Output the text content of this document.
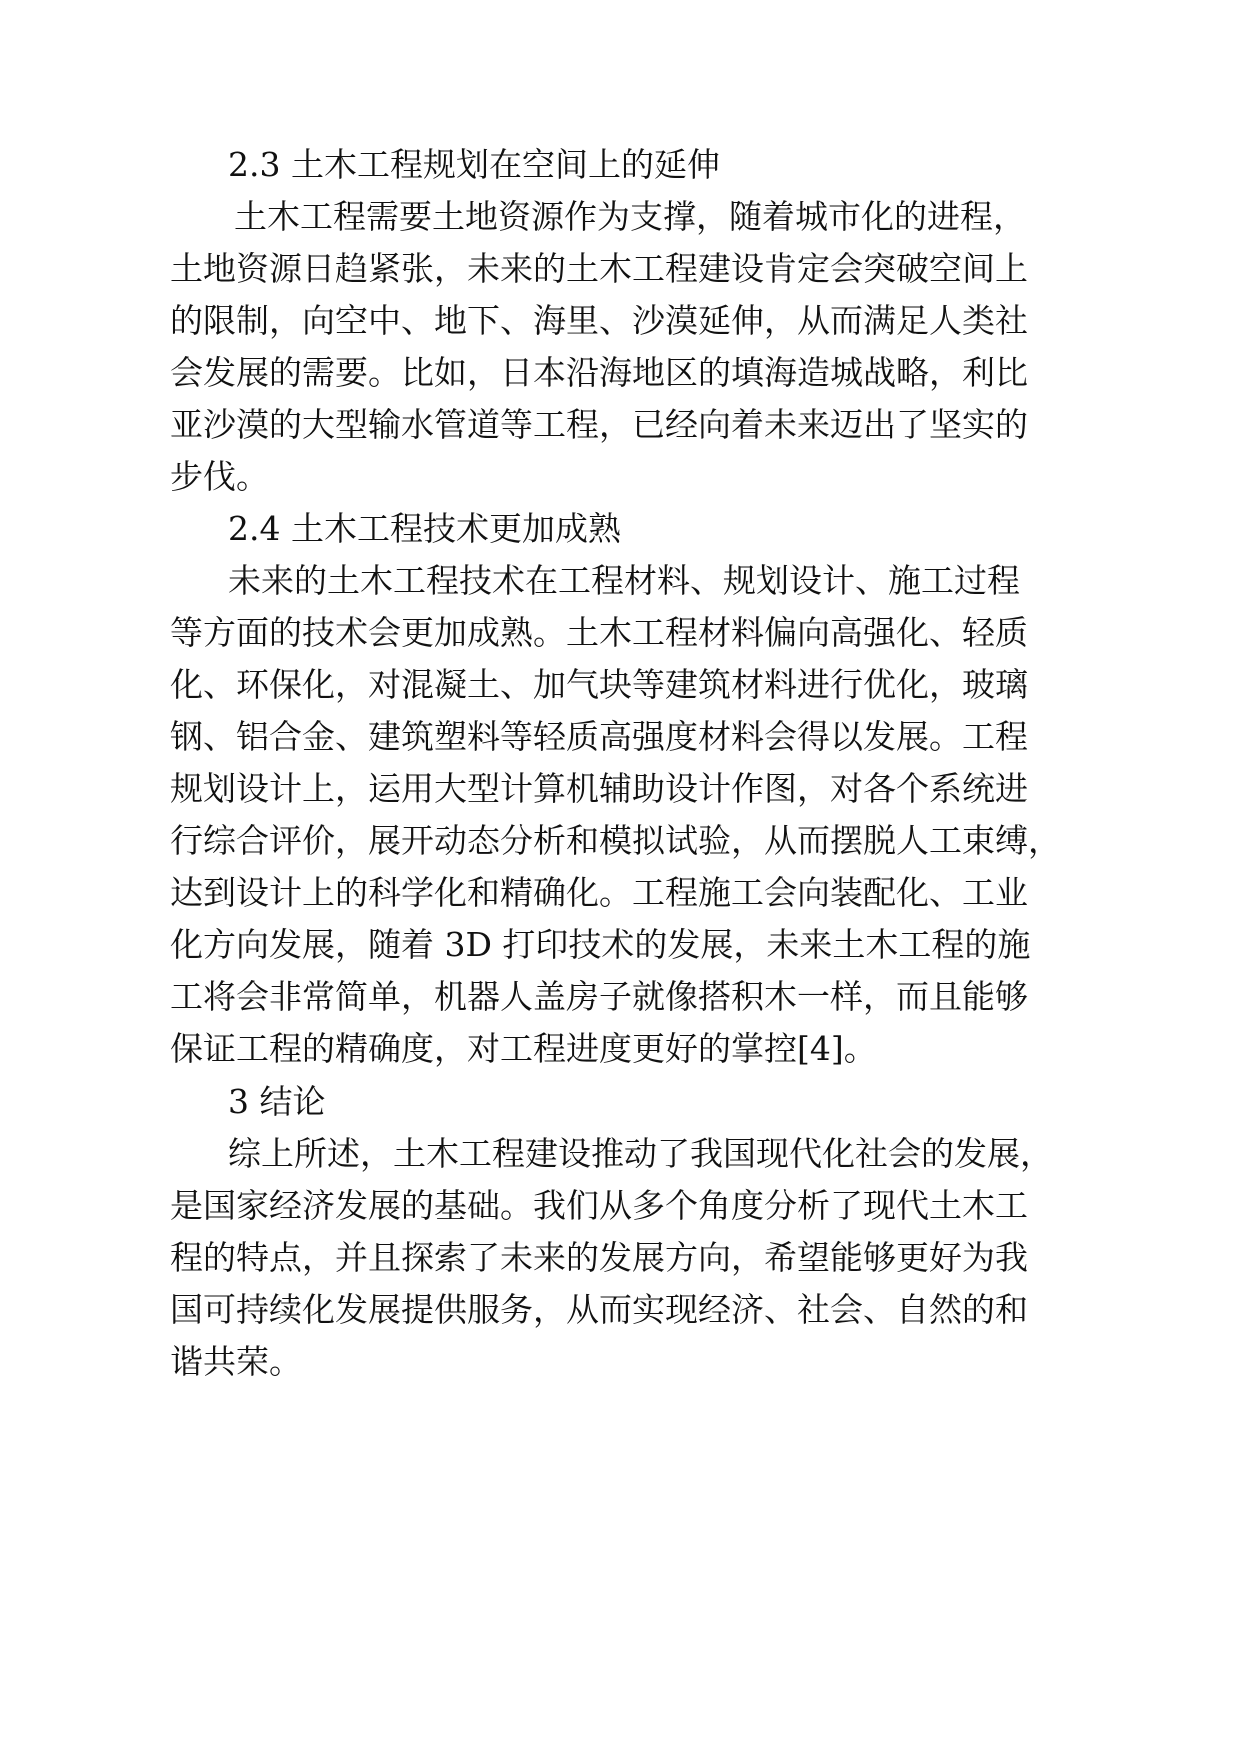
2.3 土木工程规划在空间上的延伸
土木工程需要土地资源作为支撑，随着城市化的进程，
土地资源日趋紧张，未来的土木工程建设肯定会突破空间上
的限制，向空中、地下、海里、沙漠延伸，从而满足人类社
会发展的需要。比如，日本沿海地区的填海造城战略，利比
亚沙漠的大型输水管道等工程，已经向着未来迈出了坚实的
步伐。
2.4 土木工程技术更加成熟
未来的土木工程技术在工程材料、规划设计、施工过程
等方面的技术会更加成熟。土木工程材料偏向高强化、轻质
化、环保化，对混凝土、加气块等建筑材料进行优化，玻璃
钢、铝合金、建筑塑料等轻质高强度材料会得以发展。工程
规划设计上，运用大型计算机辅助设计作图，对各个系统进
行综合评价，展开动态分析和模拟试验，从而摆脱人工束缚，
达到设计上的科学化和精确化。工程施工会向装配化、工业
化方向发展，随着 3D 打印技术的发展，未来土木工程的施
工将会非常简单，机器人盖房子就像搭积木一样，而且能够
保证工程的精确度，对工程进度更好的掌控[4]。
3 结论
综上所述，土木工程建设推动了我国现代化社会的发展，
是国家经济发展的基础。我们从多个角度分析了现代土木工
程的特点，并且探索了未来的发展方向，希望能够更好为我
国可持续化发展提供服务，从而实现经济、社会、自然的和
谐共荣。
